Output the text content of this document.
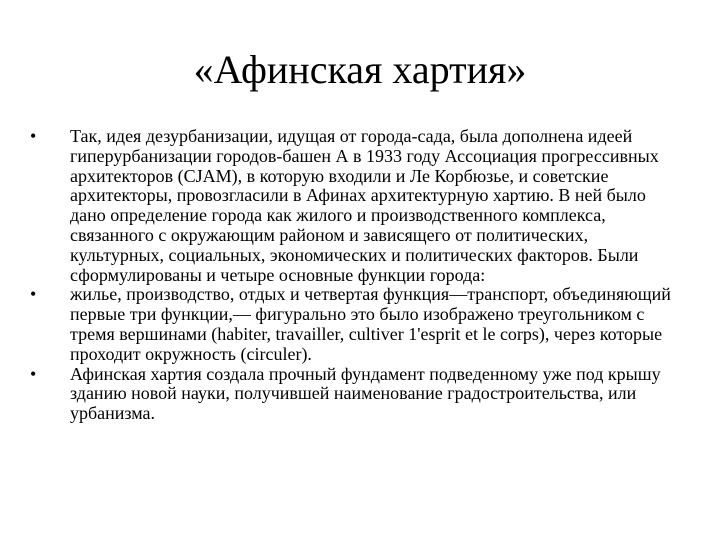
«Афинская хартия»
•	Так, идея дезурбанизации, идущая от города-сада, была дополнена идеей гиперурбанизации городов-башен А в 1933 году Ассоциация прогрессивных архитекторов (CJAM), в которую входили и Ле Корбюзье, и советские архитекторы, провозгласили в Афинах архитектурную хартию. В ней было дано определение города как жилого и производственного комплекса, связанного с окружающим районом и зависящего от политических, культурных, социальных, экономических и политических факторов. Были сформулированы и четыре основные функции города:
•	жилье, производство, отдых и четвертая функция—транспорт, объединяющий первые три функции,— фигурально это было изображено треугольником с тремя вершинами (habiter, travailler, cultiver 1'esprit et le corps), через которые проходит окружность (circuler).
•	Афинская хартия создала прочный фундамент подведенному уже под крышу зданию новой науки, получившей наименование градостроительства, или урбанизма.
